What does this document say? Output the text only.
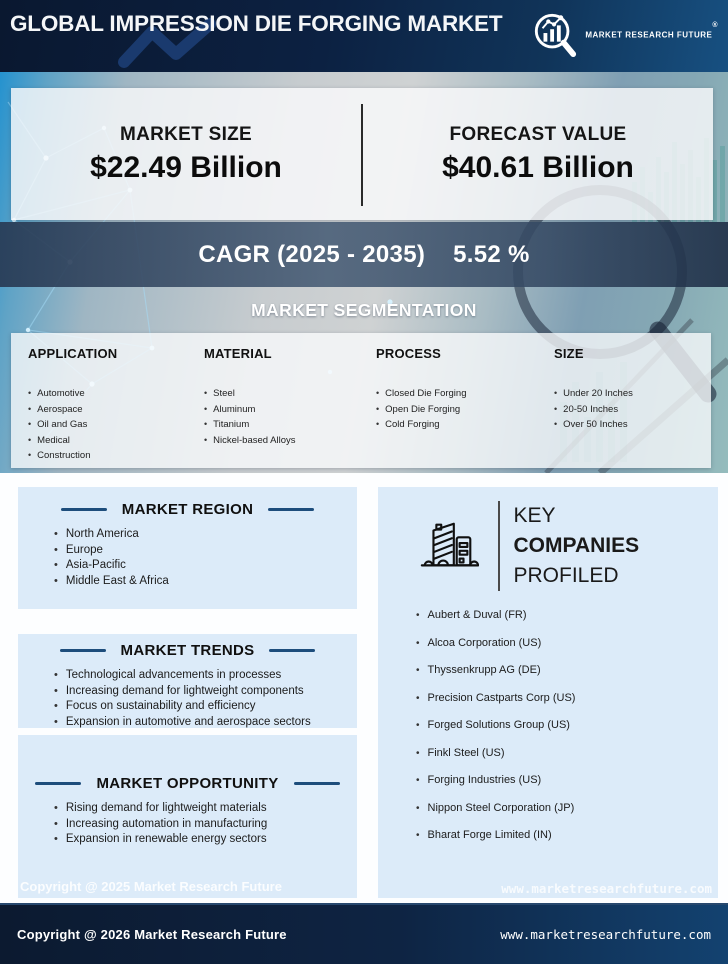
GLOBAL IMPRESSION DIE FORGING MARKET	MARKET RESEARCH FUTURE®
MARKET SIZE
$22.49 Billion
FORECAST VALUE
$40.61 Billion
CAGR (2025 - 2035) 5.52 %
MARKET SEGMENTATION
APPLICATION
• Automotive
• Aerospace
• Oil and Gas
• Medical
• Construction
MATERIAL
• Steel
• Aluminum
• Titanium
• Nickel-based Alloys
PROCESS
• Closed Die Forging
• Open Die Forging
• Cold Forging
SIZE
• Under 20 Inches
• 20-50 Inches
• Over 50 Inches
MARKET REGION
• North America
• Europe
• Asia-Pacific
• Middle East & Africa
MARKET TRENDS
• Technological advancements in processes
• Increasing demand for lightweight components
• Focus on sustainability and efficiency
• Expansion in automotive and aerospace sectors
MARKET OPPORTUNITY
• Rising demand for lightweight materials
• Increasing automation in manufacturing
• Expansion in renewable energy sectors
KEY
COMPANIES
PROFILED
• Aubert & Duval (FR)
• Alcoa Corporation (US)
• Thyssenkrupp AG (DE)
• Precision Castparts Corp (US)
• Forged Solutions Group (US)
• Finkl Steel (US)
• Forging Industries (US)
• Nippon Steel Corporation (JP)
• Bharat Forge Limited (IN)
Copyright @ 2025 Market Research Future	www.marketresearchfuture.com
Copyright @ 2026 Market Research Future	www.marketresearchfuture.com
